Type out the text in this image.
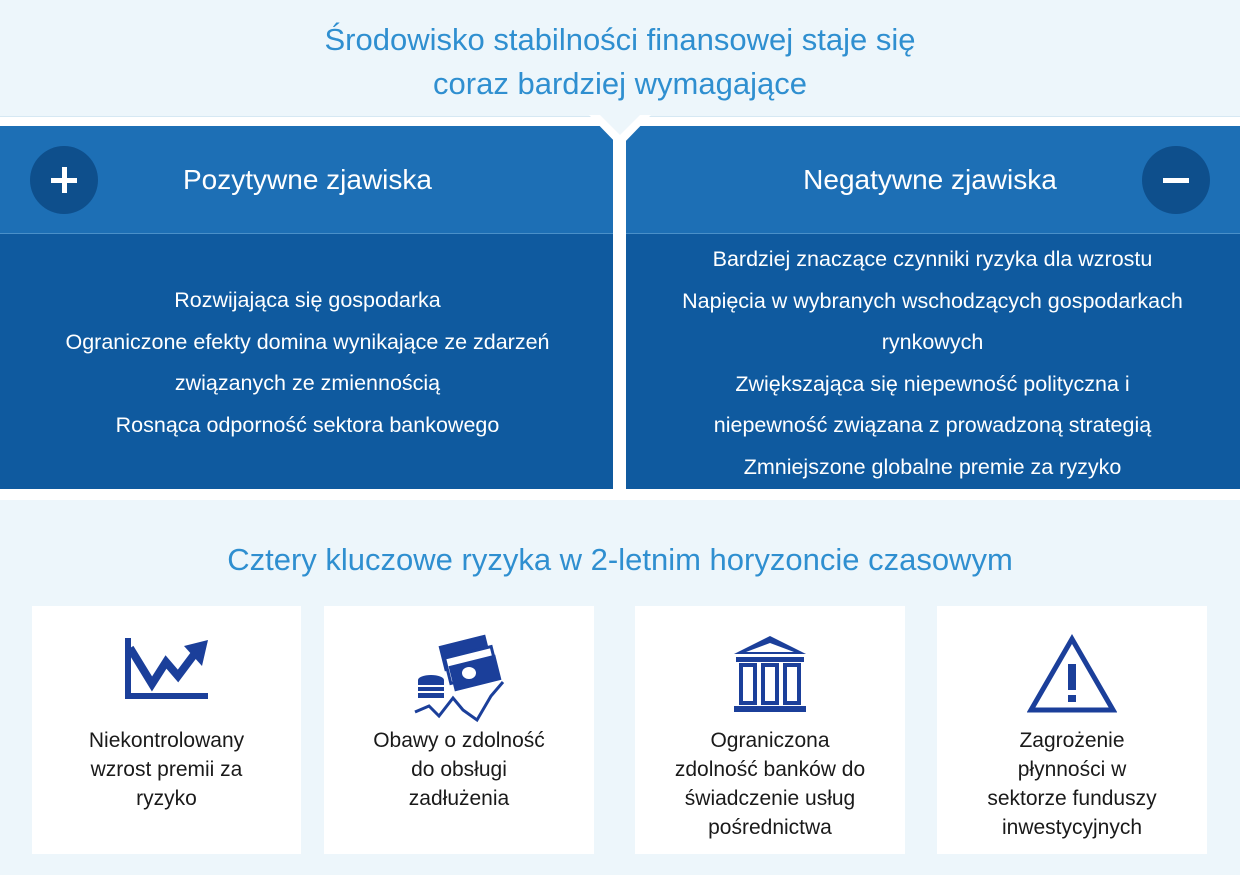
Środowisko stabilności finansowej staje się
coraz bardziej wymagające
Pozytywne zjawiska	Negatywne zjawiska
Rozwijająca się gospodarka
Ograniczone efekty domina wynikające ze zdarzeń
związanych ze zmiennością
Rosnąca odporność sektora bankowego
Bardziej znaczące czynniki ryzyka dla wzrostu
Napięcia w wybranych wschodzących gospodarkach
rynkowych
Zwiększająca się niepewność polityczna i
niepewność związana z prowadzoną strategią
Zmniejszone globalne premie za ryzyko
Cztery kluczowe ryzyka w 2-letnim horyzoncie czasowym
Niekontrolowany
wzrost premii za
ryzyko
Obawy o zdolność
do obsługi
zadłużenia
Ograniczona
zdolność banków do
świadczenie usług
pośrednictwa
Zagrożenie
płynności w
sektorze funduszy
inwestycyjnych
